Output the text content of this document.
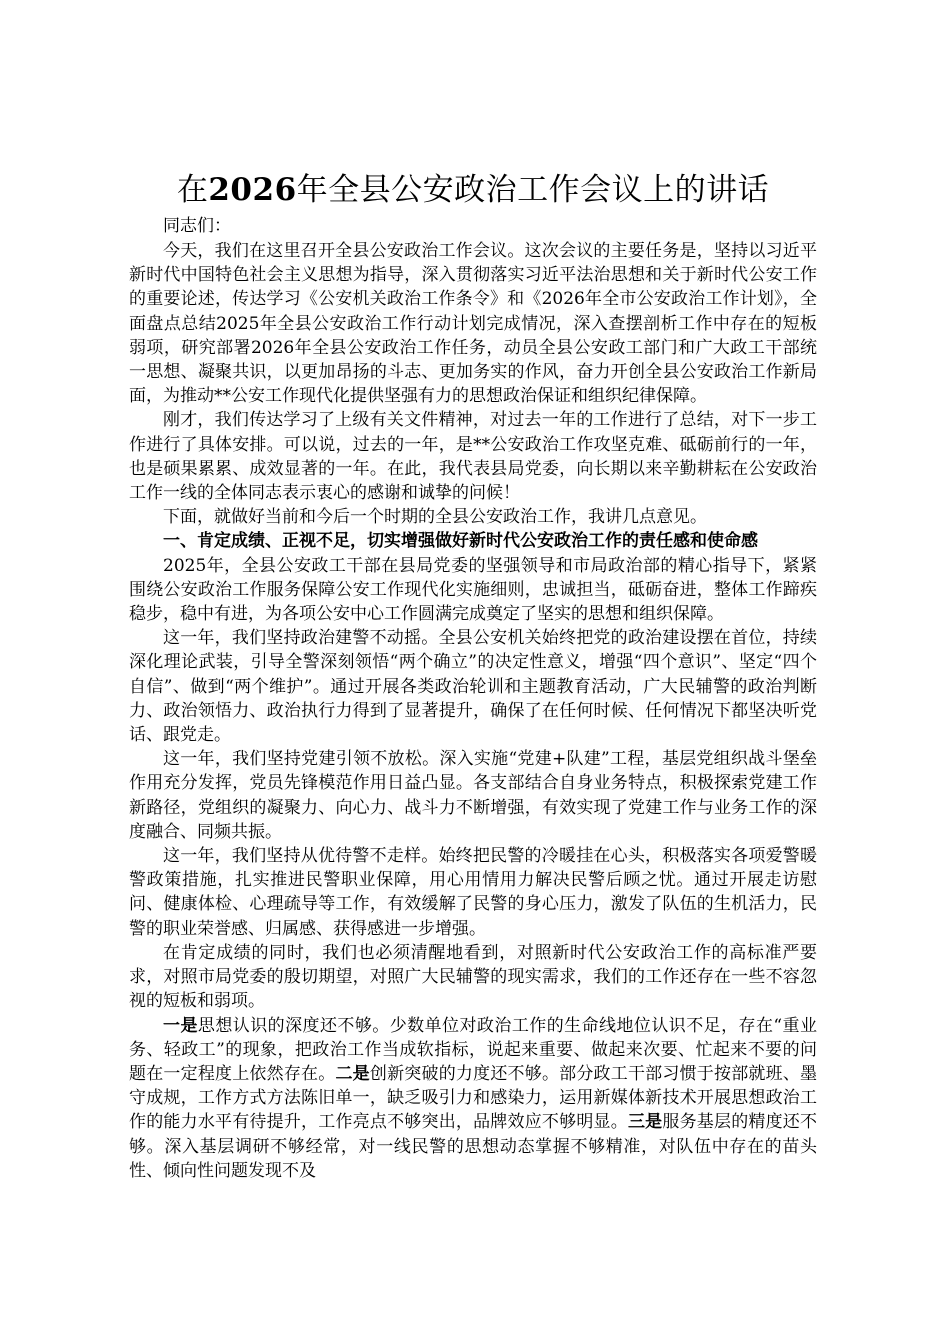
在2026年全县公安政治工作会议上的讲话

同志们：

今天，我们在这里召开全县公安政治工作会议。这次会议的主要任务是，坚持以习近平新时代中国特色社会主义思想为指导，深入贯彻落实习近平法治思想和关于新时代公安工作的重要论述，传达学习《公安机关政治工作条令》和《2026年全市公安政治工作计划》，全面盘点总结2025年全县公安政治工作行动计划完成情况，深入查摆剖析工作中存在的短板弱项，研究部署2026年全县公安政治工作任务，动员全县公安政工部门和广大政工干部统一思想、凝聚共识，以更加昂扬的斗志、更加务实的作风，奋力开创全县公安政治工作新局面，为推动**公安工作现代化提供坚强有力的思想政治保证和组织纪律保障。

刚才，我们传达学习了上级有关文件精神，对过去一年的工作进行了总结，对下一步工作进行了具体安排。可以说，过去的一年，是**公安政治工作攻坚克难、砥砺前行的一年，也是硕果累累、成效显著的一年。在此，我代表县局党委，向长期以来辛勤耕耘在公安政治工作一线的全体同志表示衷心的感谢和诚挚的问候！

下面，就做好当前和今后一个时期的全县公安政治工作，我讲几点意见。

一、肯定成绩、正视不足，切实增强做好新时代公安政治工作的责任感和使命感

2025年，全县公安政工干部在县局党委的坚强领导和市局政治部的精心指导下，紧紧围绕公安政治工作服务保障公安工作现代化实施细则，忠诚担当，砥砺奋进，整体工作蹄疾稳步，稳中有进，为各项公安中心工作圆满完成奠定了坚实的思想和组织保障。

这一年，我们坚持政治建警不动摇。全县公安机关始终把党的政治建设摆在首位，持续深化理论武装，引导全警深刻领悟“两个确立”的决定性意义，增强“四个意识”、坚定“四个自信”、做到“两个维护”。通过开展各类政治轮训和主题教育活动，广大民辅警的政治判断力、政治领悟力、政治执行力得到了显著提升，确保了在任何时候、任何情况下都坚决听党话、跟党走。

这一年，我们坚持党建引领不放松。深入实施“党建+队建”工程，基层党组织战斗堡垒作用充分发挥，党员先锋模范作用日益凸显。各支部结合自身业务特点，积极探索党建工作新路径，党组织的凝聚力、向心力、战斗力不断增强，有效实现了党建工作与业务工作的深度融合、同频共振。

这一年，我们坚持从优待警不走样。始终把民警的冷暖挂在心头，积极落实各项爱警暖警政策措施，扎实推进民警职业保障，用心用情用力解决民警后顾之忧。通过开展走访慰问、健康体检、心理疏导等工作，有效缓解了民警的身心压力，激发了队伍的生机活力，民警的职业荣誉感、归属感、获得感进一步增强。

在肯定成绩的同时，我们也必须清醒地看到，对照新时代公安政治工作的高标准严要求，对照市局党委的殷切期望，对照广大民辅警的现实需求，我们的工作还存在一些不容忽视的短板和弱项。

一是思想认识的深度还不够。少数单位对政治工作的生命线地位认识不足，存在“重业务、轻政工”的现象，把政治工作当成软指标，说起来重要、做起来次要、忙起来不要的问题在一定程度上依然存在。二是创新突破的力度还不够。部分政工干部习惯于按部就班、墨守成规，工作方式方法陈旧单一，缺乏吸引力和感染力，运用新媒体新技术开展思想政治工作的能力水平有待提升，工作亮点不够突出，品牌效应不够明显。三是服务基层的精度还不够。深入基层调研不够经常，对一线民警的思想动态掌握不够精准，对队伍中存在的苗头性、倾向性问题发现不及
